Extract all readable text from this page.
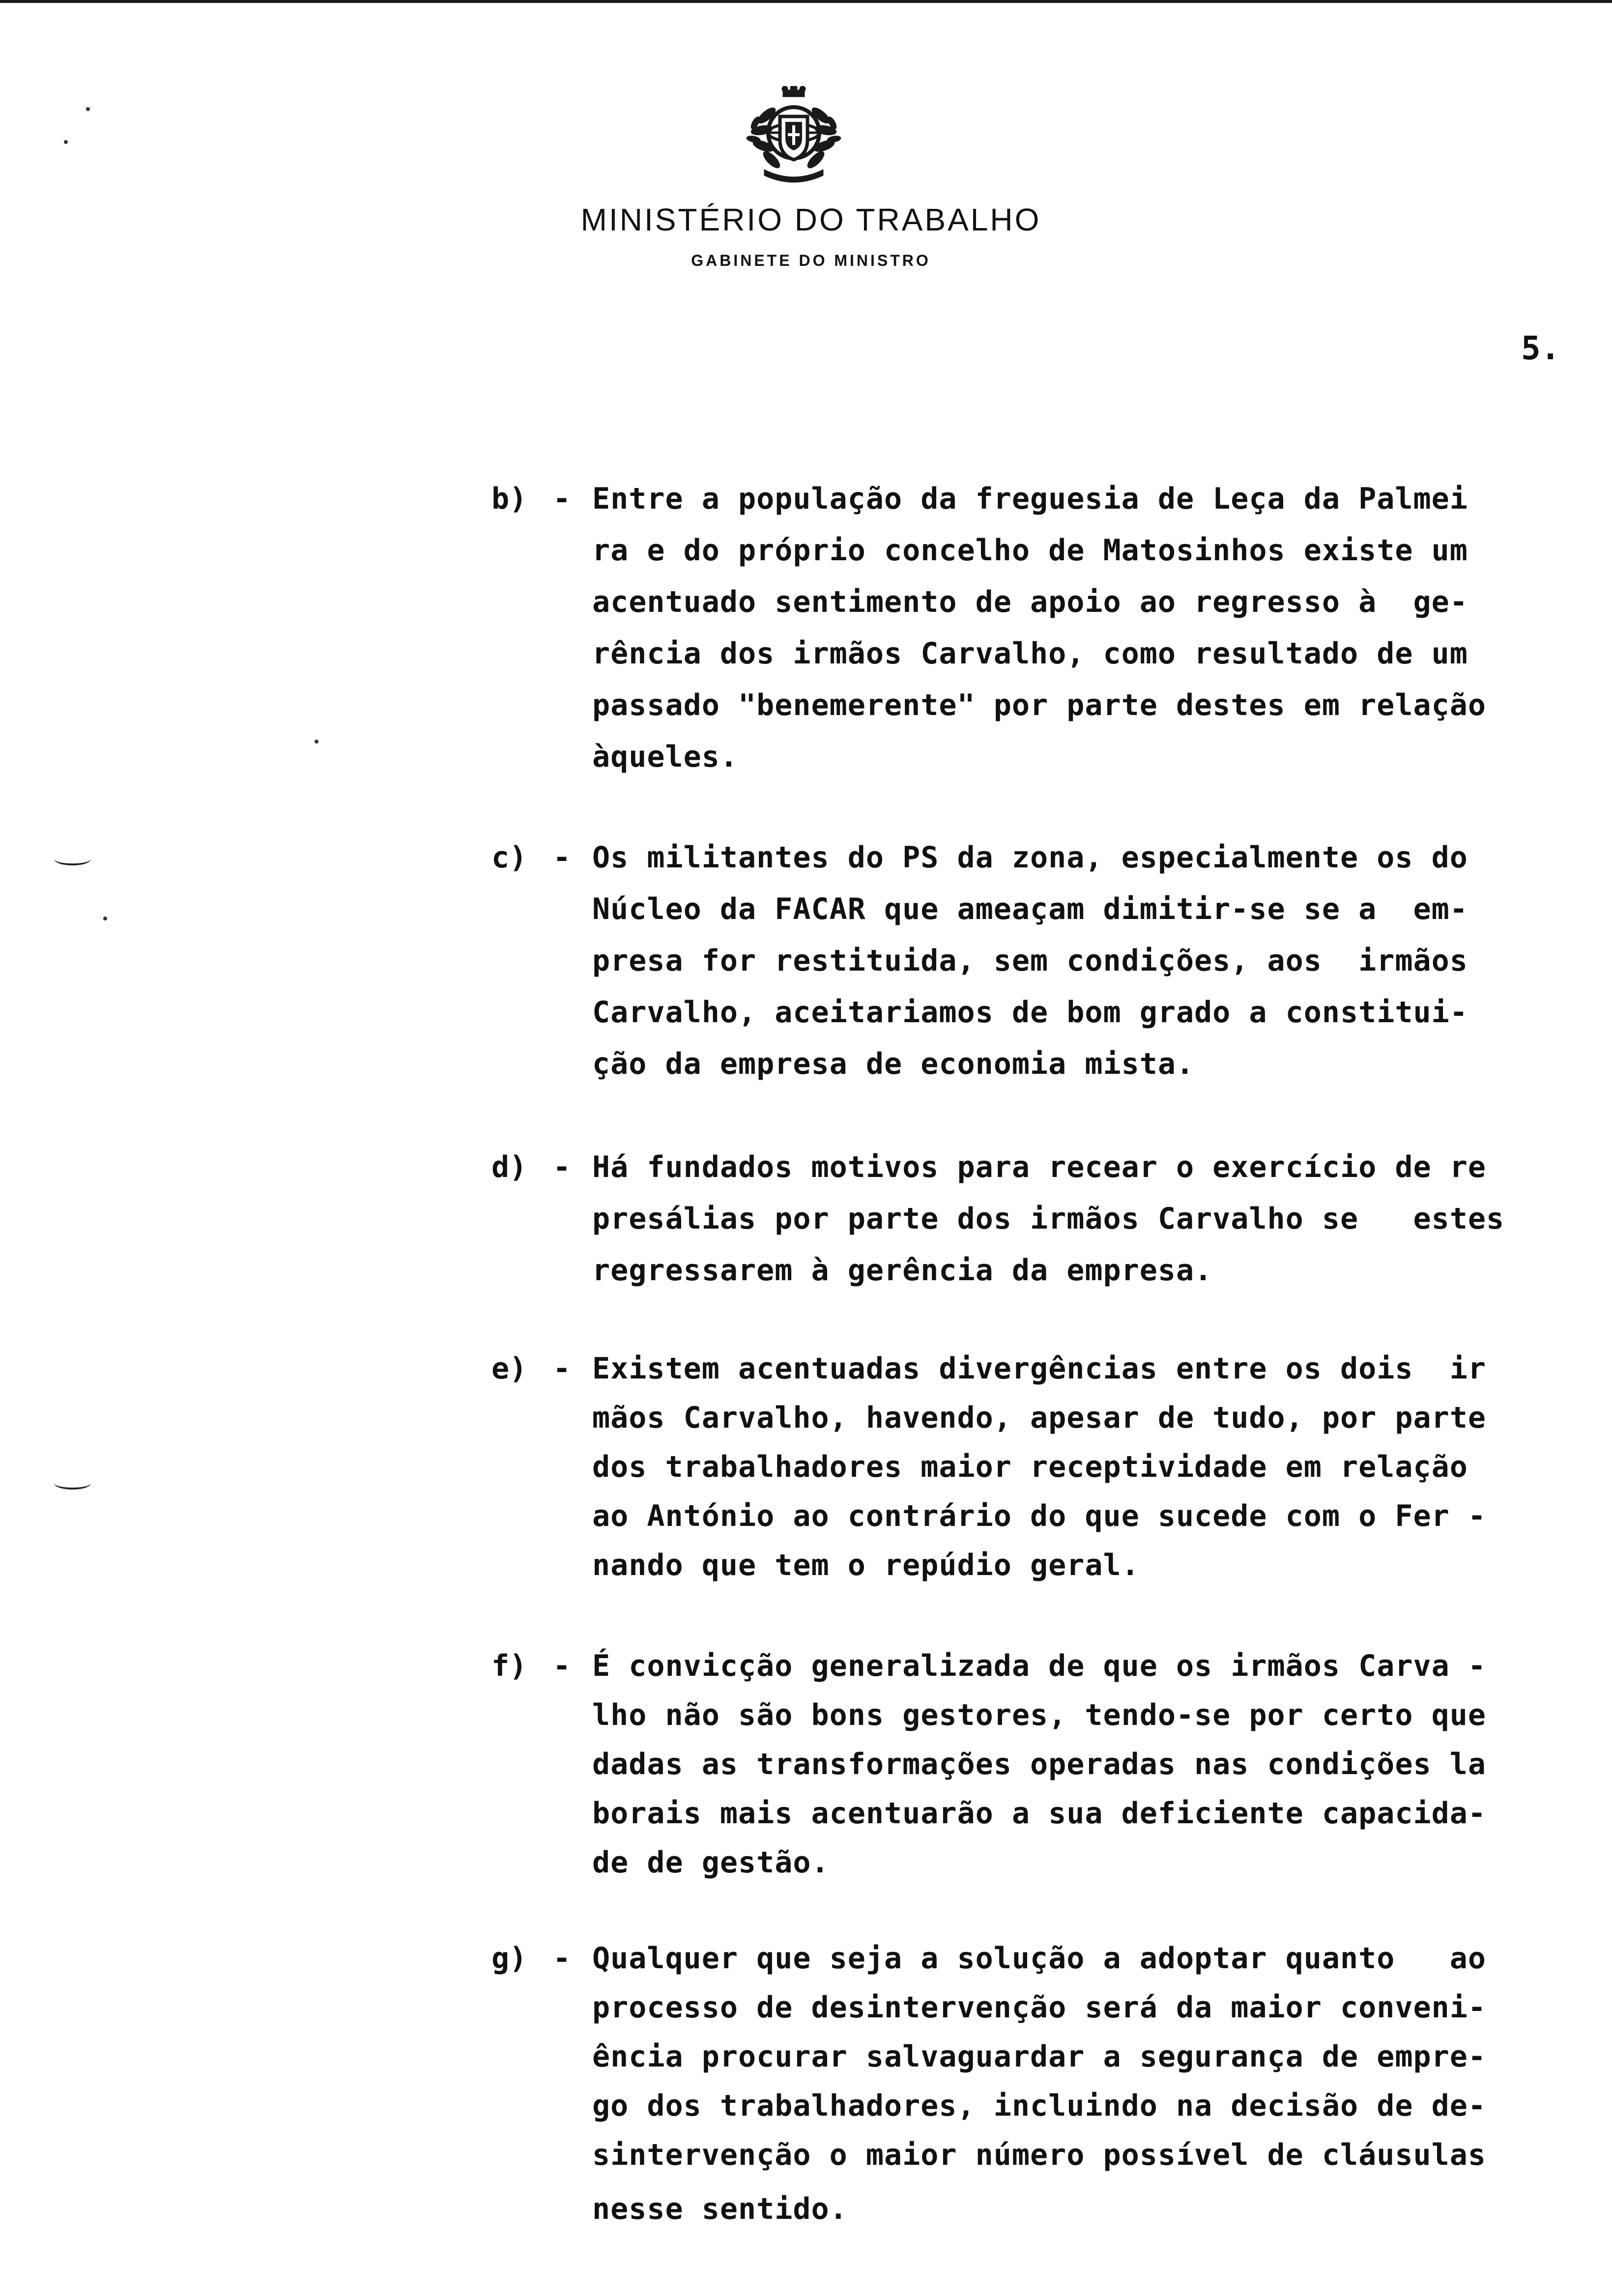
MINISTÉRIO DO TRABALHO
GABINETE DO MINISTRO
5.
b) - Entre a população da freguesia de Leça da Palmei
ra e do próprio concelho de Matosinhos existe um
acentuado sentimento de apoio ao regresso à  ge-
rência dos irmãos Carvalho, como resultado de um
passado "benemerente" por parte destes em relação
àqueles.
c) - Os militantes do PS da zona, especialmente os do
Núcleo da FACAR que ameaçam dimitir-se se a  em-
presa for restituida, sem condições, aos  irmãos
Carvalho, aceitariamos de bom grado a constitui-
ção da empresa de economia mista.
d) - Há fundados motivos para recear o exercício de re
presálias por parte dos irmãos Carvalho se   estes
regressarem à gerência da empresa.
e) - Existem acentuadas divergências entre os dois  ir
mãos Carvalho, havendo, apesar de tudo, por parte
dos trabalhadores maior receptividade em relação
ao António ao contrário do que sucede com o Fer -
nando que tem o repúdio geral.
f) - É convicção generalizada de que os irmãos Carva -
lho não são bons gestores, tendo-se por certo que
dadas as transformações operadas nas condições la
borais mais acentuarão a sua deficiente capacida-
de de gestão.
g) - Qualquer que seja a solução a adoptar quanto   ao
processo de desintervenção será da maior conveni-
ência procurar salvaguardar a segurança de empre-
go dos trabalhadores, incluindo na decisão de de-
sintervenção o maior número possível de cláusulas
nesse sentido.
